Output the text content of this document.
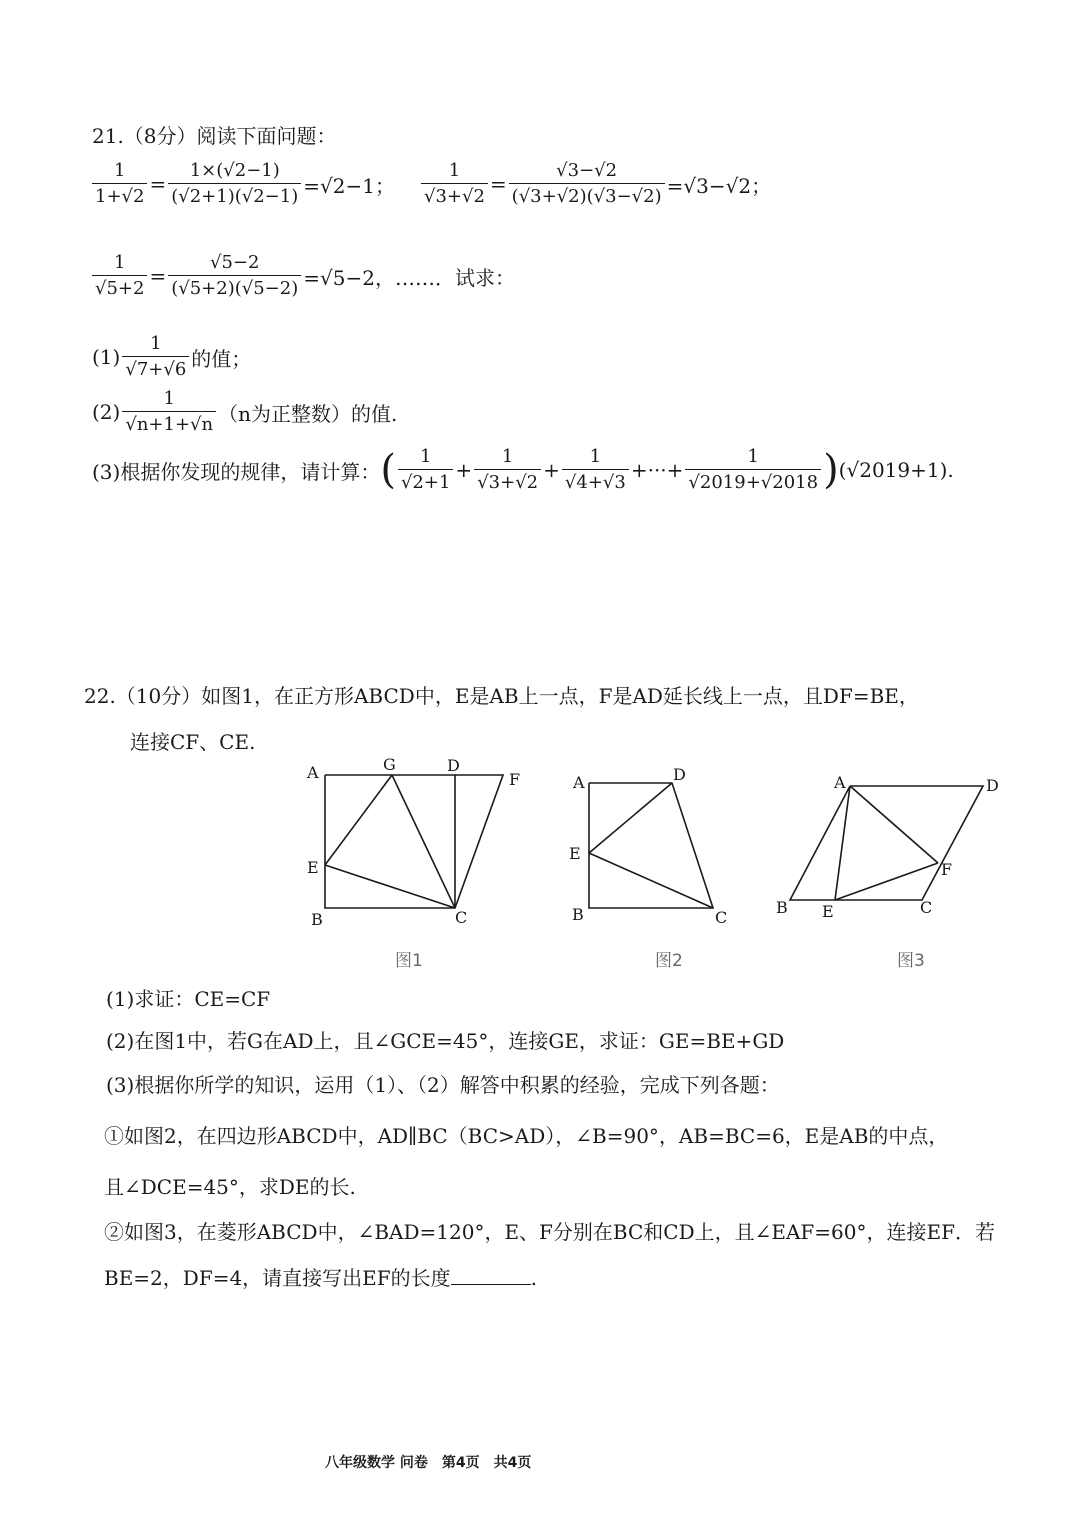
21.（8分）阅读下面问题：
$\frac{1}{1+√2} = \frac{1\times(√2-1)}{(√2+1)(√2-1)} =√2-1$； $\frac{1}{√3+√2} = \frac{√3-√2}{(√3+√2)(√3-√2)} =√3-√2$；
$\frac{1}{√5+2} = \frac{√5-2}{(√5+2)(√5-2)} =√5-2$，……．试求：
$(1) \frac{1}{√7+√6}$ 的值；
$(2) \frac{1}{√n+1+√n} (n$为正整数）的值.
(3)根据你发现的规律，请计算： ( $\frac{1}{√2+1} + \frac{1}{√3+√2} + \frac{1}{√4+√3}$ +···+ $\frac{1}{√2019+√2018}$ ) (√2019+1).
22.（10分）如图1，在正方形ABCD中，E是AB上一点，F是AD延长线上一点，且DF=BE，
连接CF、CE.
A	G	D
F
E
B	C
A	D
E
B	C
A	D
F
B E	C
图1	图2	图3
(1)求证：CE=CF
(2)在图1中，若G在AD上，且∠GCE=45°，连接GE，求证：GE=BE+GD
(3)根据你所学的知识，运用（1）、（2）解答中积累的经验，完成下列各题：
①如图2，在四边形ABCD中，AD∥BC（BC>AD），∠B=90°，AB=BC=6，E是AB的中点，
且∠DCE=45°，求DE的长.
②如图3，在菱形ABCD中，∠BAD=120°，E、F分别在BC和CD上，且∠EAF=60°，连接EF．若
BE=2，DF=4，请直接写出EF的长度	.
八年级数学 问卷　第4页　共4页
